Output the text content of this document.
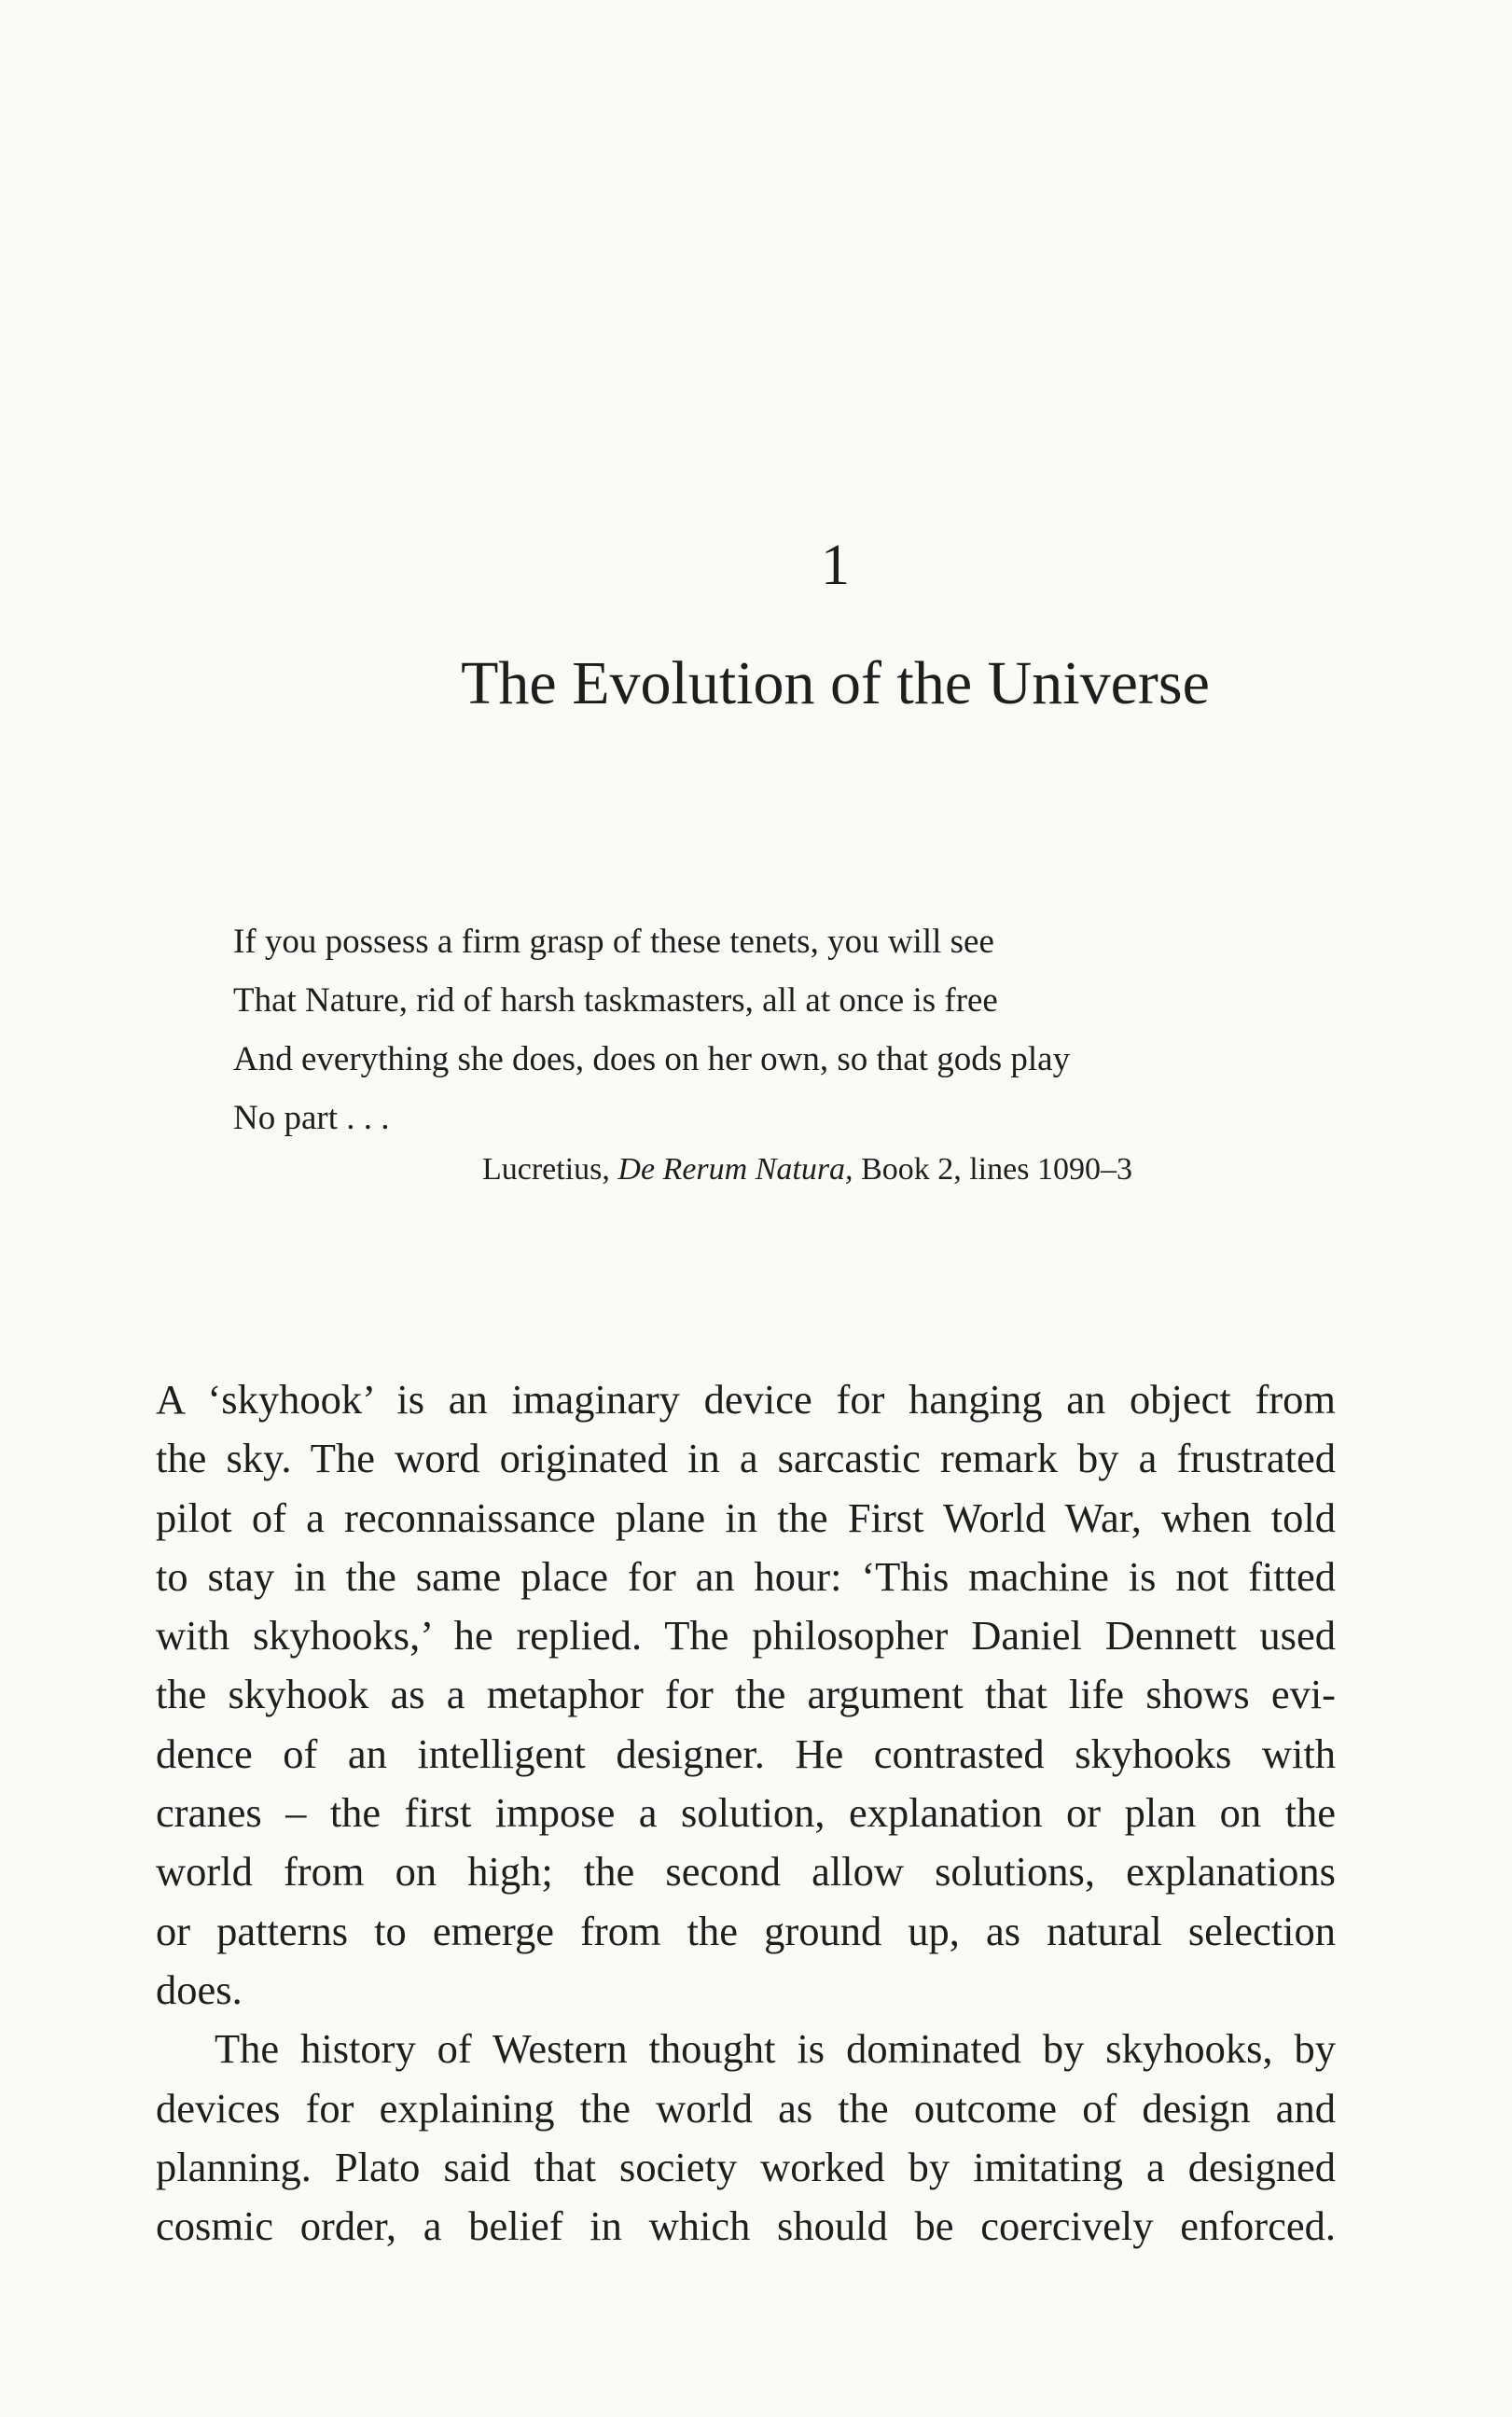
1
The Evolution of the Universe

If you possess a firm grasp of these tenets, you will see

That Nature, rid of harsh taskmasters, all at once is free

And everything she does, does on her own, so that gods play

No part . . .

Lucretius, De Rerum Natura, Book 2, lines 1090–3

A ‘skyhook’ is an imaginary device for hanging an object from

the sky. The word originated in a sarcastic remark by a frustrated

pilot of a reconnaissance plane in the First World War, when told

to stay in the same place for an hour: ‘This machine is not fitted

with skyhooks,’ he replied. The philosopher Daniel Dennett used

the skyhook as a metaphor for the argument that life shows evi-

dence of an intelligent designer. He contrasted skyhooks with

cranes – the first impose a solution, explanation or plan on the

world from on high; the second allow solutions, explanations

or patterns to emerge from the ground up, as natural selection

does.

The history of Western thought is dominated by skyhooks, by

devices for explaining the world as the outcome of design and

planning. Plato said that society worked by imitating a designed

cosmic order, a belief in which should be coercively enforced.
